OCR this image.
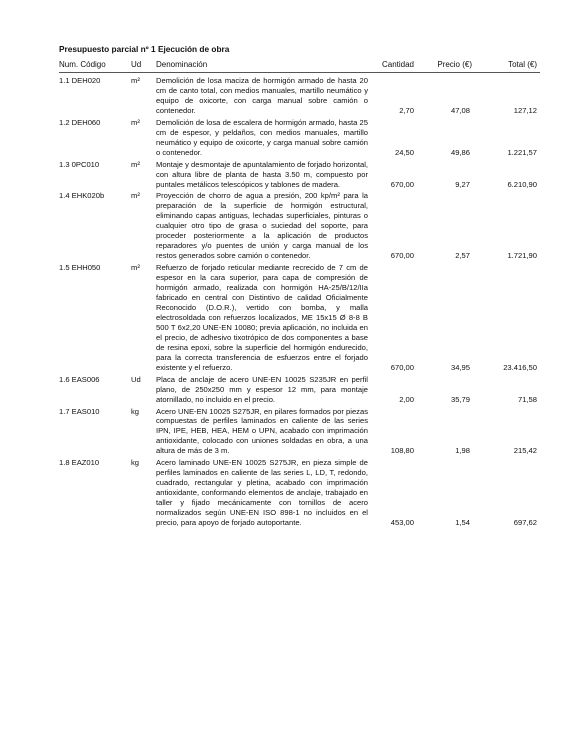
Presupuesto parcial nº 1 Ejecución de obra
Num. Código	Ud Denominación	Cantidad	Precio (€)	Total (€)
1.1 DEH020	m² Demolición de losa maciza de hormigón armado de hasta 20 cm de canto total, con medios manuales, martillo neumático y equipo de oxicorte, con carga manual sobre camión o contenedor.	2,70	47,08	127,12
1.2 DEH060	m² Demolición de losa de escalera de hormigón armado, hasta 25 cm de espesor, y peldaños, con medios manuales, martillo neumático y equipo de oxicorte, y carga manual sobre camión o contenedor.	24,50	49,86	1.221,57
1.3 0PC010	m² Montaje y desmontaje de apuntalamiento de forjado horizontal, con altura libre de planta de hasta 3.50 m, compuesto por puntales metálicos telescópicos y tablones de madera.	670,00	9,27	6.210,90
1.4 EHK020b	m² Proyección de chorro de agua a presión, 200 kp/m² para la preparación de la superficie de hormigón estructural, eliminando capas antiguas, lechadas superficiales, pinturas o cualquier otro tipo de grasa o suciedad del soporte, para proceder posteriormente a la aplicación de productos reparadores y/o puentes de unión y carga manual de los restos generados sobre camión o contenedor.	670,00	2,57	1.721,90
1.5 EHH050	m² Refuerzo de forjado reticular mediante recrecido de 7 cm de espesor en la cara superior, para capa de compresión de hormigón armado, realizada con hormigón HA-25/B/12/IIa fabricado en central con Distintivo de calidad Oficialmente Reconocido (D.O.R.), vertido con bomba, y malla electrosoldada con refuerzos localizados, ME 15x15 Ø 8-8 B 500 T 6x2,20 UNE-EN 10080; previa aplicación, no incluida en el precio, de adhesivo tixotrópico de dos componentes a base de resina epoxi, sobre la superficie del hormigón endurecido, para la correcta transferencia de esfuerzos entre el forjado existente y el refuerzo.	670,00	34,95	23.416,50
1.6 EAS006	Ud Placa de anclaje de acero UNE-EN 10025 S235JR en perfil plano, de 250x250 mm y espesor 12 mm, para montaje atornillado, no incluido en el precio.	2,00	35,79	71,58
1.7 EAS010	kg Acero UNE-EN 10025 S275JR, en pilares formados por piezas compuestas de perfiles laminados en caliente de las series IPN, IPE, HEB, HEA, HEM o UPN, acabado con imprimación antioxidante, colocado con uniones soldadas en obra, a una altura de más de 3 m.	108,80	1,98	215,42
1.8 EAZ010	kg Acero laminado UNE-EN 10025 S275JR, en pieza simple de perfiles laminados en caliente de las series L, LD, T, redondo, cuadrado, rectangular y pletina, acabado con imprimación antioxidante, conformando elementos de anclaje, trabajado en taller y fijado mecánicamente con tornillos de acero normalizados según UNE-EN ISO 898-1 no incluidos en el precio, para apoyo de forjado autoportante.	453,00	1,54	697,62
